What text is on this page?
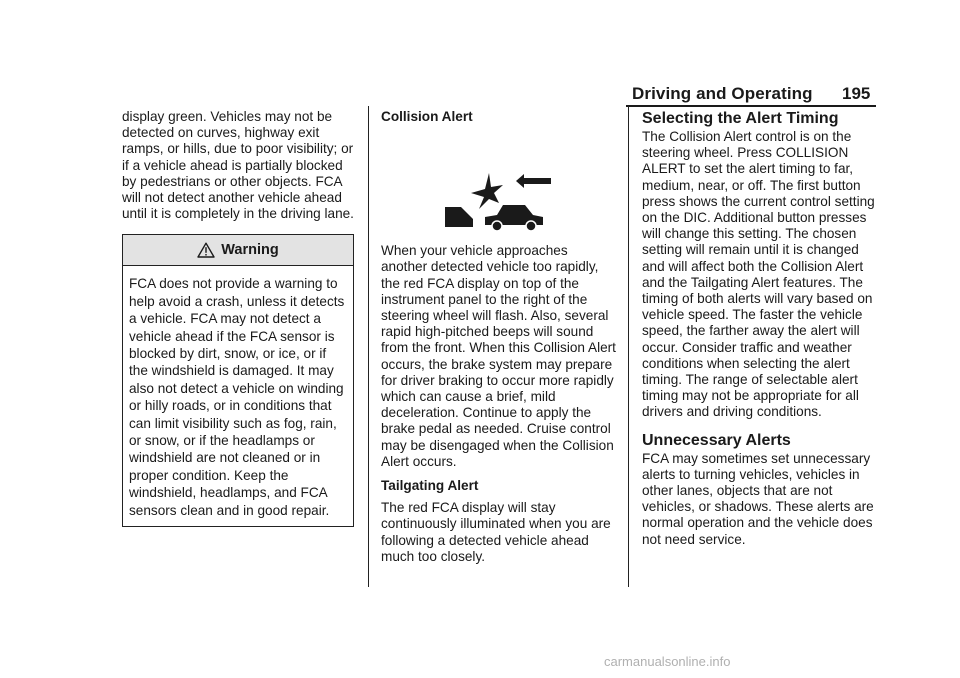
Driving and Operating 195

display green. Vehicles may not be detected on curves, highway exit ramps, or hills, due to poor visibility; or if a vehicle ahead is partially blocked by pedestrians or other objects. FCA will not detect another vehicle ahead until it is completely in the driving lane.

Warning
FCA does not provide a warning to help avoid a crash, unless it detects a vehicle. FCA may not detect a vehicle ahead if the FCA sensor is blocked by dirt, snow, or ice, or if the windshield is damaged. It may also not detect a vehicle on winding or hilly roads, or in conditions that can limit visibility such as fog, rain, or snow, or if the headlamps or windshield are not cleaned or in proper condition. Keep the windshield, headlamps, and FCA sensors clean and in good repair.

Collision Alert

When your vehicle approaches another detected vehicle too rapidly, the red FCA display on top of the instrument panel to the right of the steering wheel will flash. Also, several rapid high-pitched beeps will sound from the front. When this Collision Alert occurs, the brake system may prepare for driver braking to occur more rapidly which can cause a brief, mild deceleration. Continue to apply the brake pedal as needed. Cruise control may be disengaged when the Collision Alert occurs.

Tailgating Alert

The red FCA display will stay continuously illuminated when you are following a detected vehicle ahead much too closely.

Selecting the Alert Timing

The Collision Alert control is on the steering wheel. Press COLLISION ALERT to set the alert timing to far, medium, near, or off. The first button press shows the current control setting on the DIC. Additional button presses will change this setting. The chosen setting will remain until it is changed and will affect both the Collision Alert and the Tailgating Alert features. The timing of both alerts will vary based on vehicle speed. The faster the vehicle speed, the farther away the alert will occur. Consider traffic and weather conditions when selecting the alert timing. The range of selectable alert timing may not be appropriate for all drivers and driving conditions.

Unnecessary Alerts

FCA may sometimes set unnecessary alerts to turning vehicles, vehicles in other lanes, objects that are not vehicles, or shadows. These alerts are normal operation and the vehicle does not need service.

carmanualsonline.info
